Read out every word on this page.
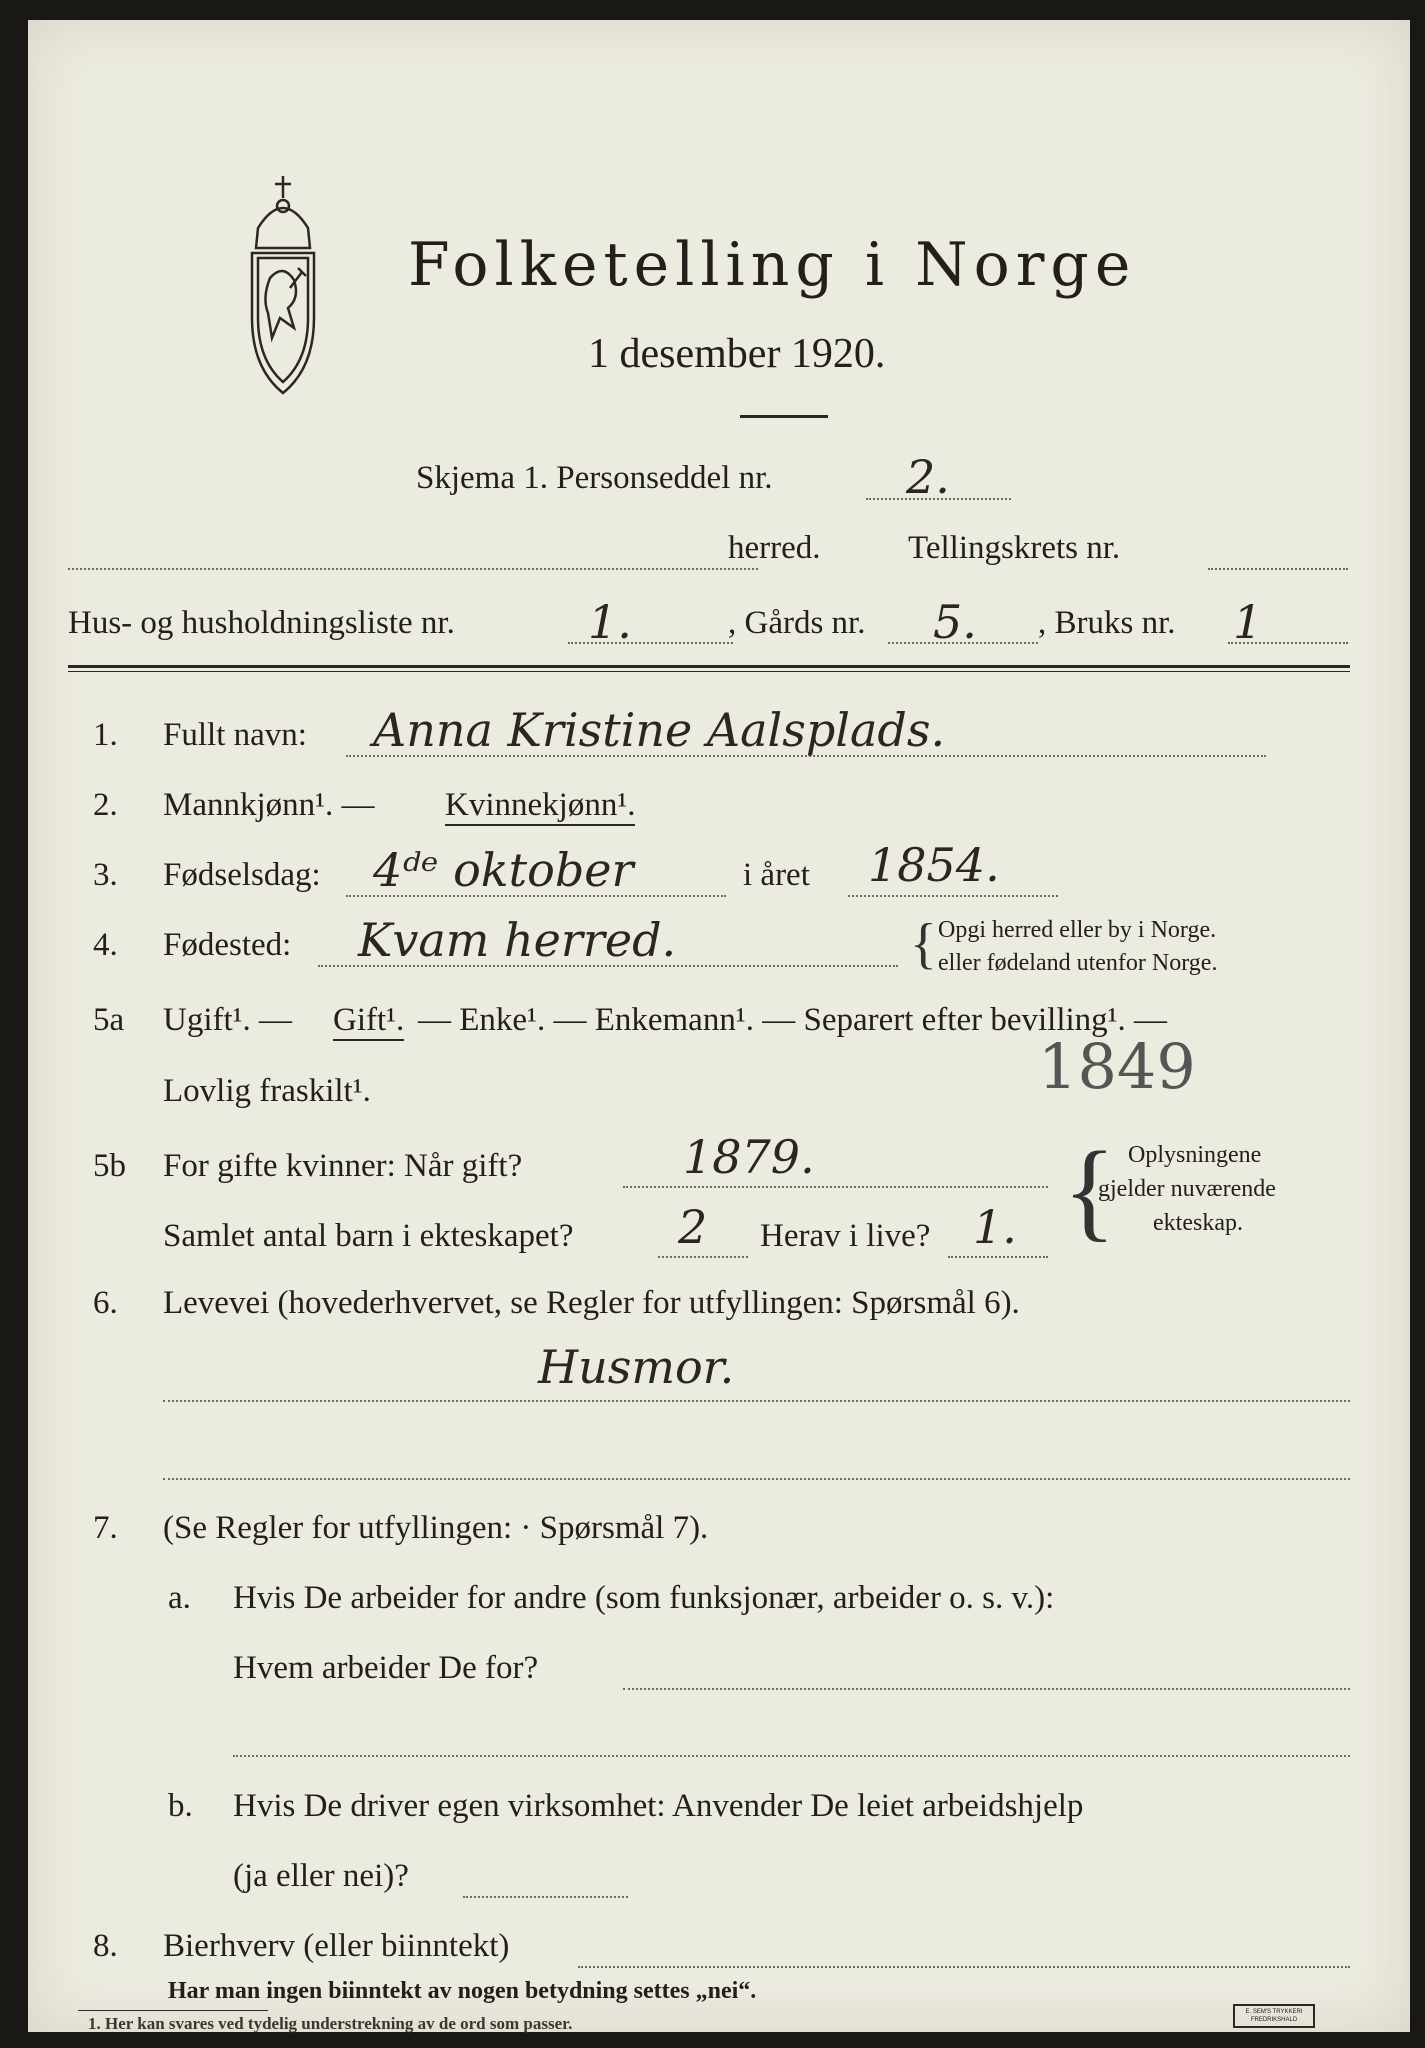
Folketelling i Norge
1 desember 1920.
Skjema 1. Personseddel nr.	2.
herred.	Tellingskrets nr.
Hus- og husholdningsliste nr.	1.	, Gårds nr. 5. , Bruks nr. 1
1. Fullt navn: Anna Kristine Aalsplads.
2. Mannkjønn¹. — Kvinnekjønn¹.
3. Fødselsdag: 4ᵈᵉ oktober	i året 1854.
4. Fødested: Kvam herred.	{ Opgi herred eller by i Norge.
eller fødeland utenfor Norge.
5a Ugift¹. — Gift¹. — Enke¹. — Enkemann¹. — Separert efter bevilling¹. —
Lovlig fraskilt¹.	1849
5b For gifte kvinner: Når gift?	1879.
Samlet antal barn i ekteskapet? 2 Herav i live? 1. { Oplysningene
gjelder nuværende
ekteskap.
6. Levevei (hovederhvervet, se Regler for utfyllingen: Spørsmål 6).
Husmor.
7. (Se Regler for utfyllingen: · Spørsmål 7).
a. Hvis De arbeider for andre (som funksjonær, arbeider o. s. v.):
Hvem arbeider De for?
b. Hvis De driver egen virksomhet: Anvender De leiet arbeidshjelp
(ja eller nei)?
8. Bierhverv (eller biinntekt)
Har man ingen biinntekt av nogen betydning settes „nei“.
1. Her kan svares ved tydelig understrekning av de ord som passer.
E. SEM'S TRYKKERI FREDRIKSHALD
